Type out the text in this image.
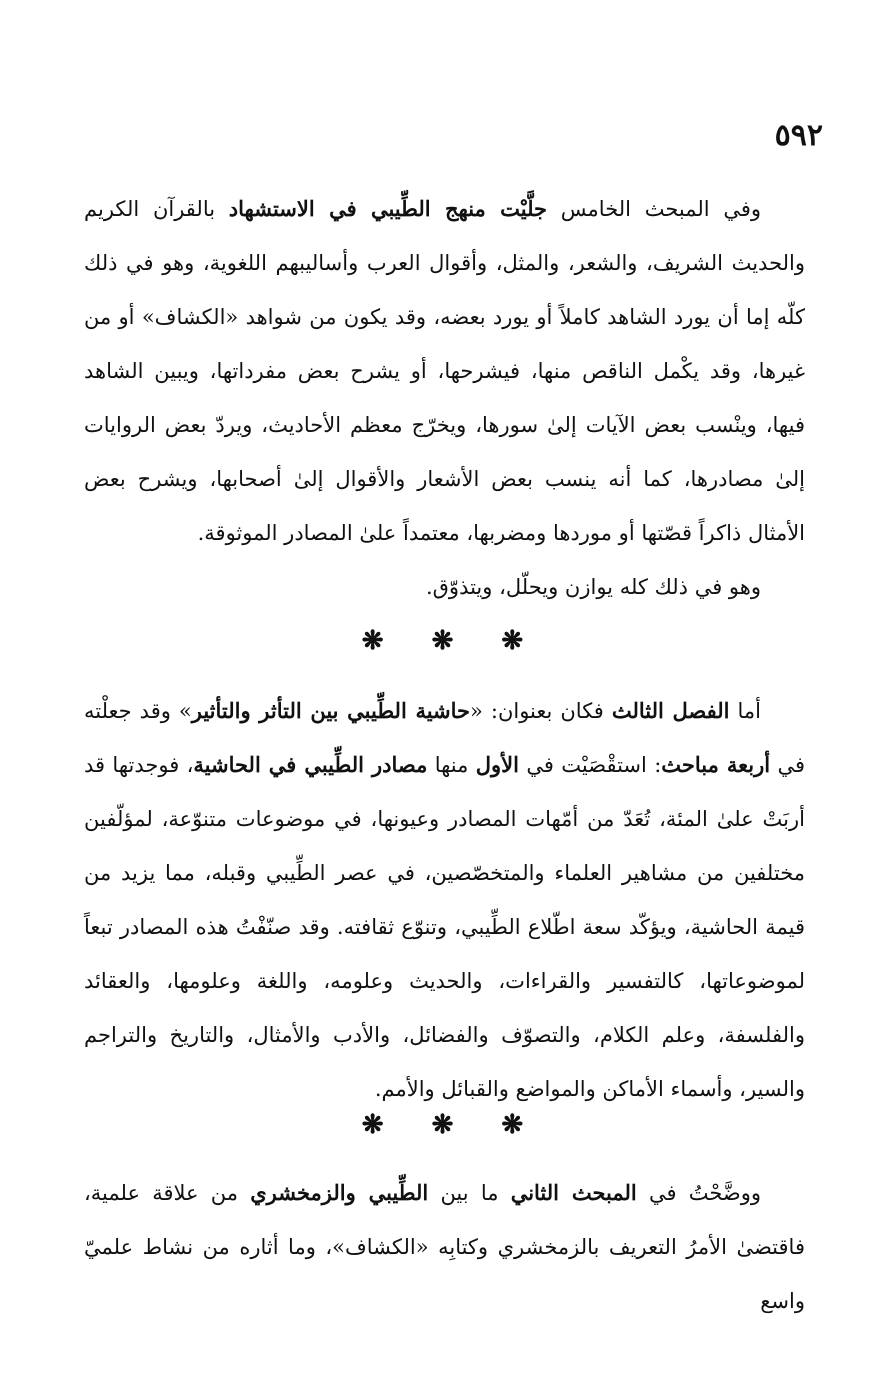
٥٩٢

وفي المبحث الخامس جلَّيْت منهج الطِّيبي في الاستشهاد بالقرآن الكريم والحديث الشريف، والشعر، والمثل، وأقوال العرب وأساليبهم اللغوية، وهو في ذلك كلّه إما أن يورد الشاهد كاملاً أو يورد بعضه، وقد يكون من شواهد «الكشاف» أو من غيرها، وقد يكْمل الناقص منها، فيشرحها، أو يشرح بعض مفرداتها، ويبين الشاهد فيها، وينْسب بعض الآيات إلىٰ سورها، ويخرّج معظم الأحاديث، ويردّ بعض الروايات إلىٰ مصادرها، كما أنه ينسب بعض الأشعار والأقوال إلىٰ أصحابها، ويشرح بعض الأمثال ذاكراً قصّتها أو موردها ومضربها، معتمداً علىٰ المصادر الموثوقة.

وهو في ذلك كله يوازن ويحلّل، ويتذوّق.

❋ ❋ ❋

أما الفصل الثالث فكان بعنوان: «حاشية الطِّيبي بين التأثر والتأثير» وقد جعلْته في أربعة مباحث: استقْصَيْت في الأول منها مصادر الطِّيبي في الحاشية، فوجدتها قد أربَتْ علىٰ المئة، تُعَدّ من أمّهات المصادر وعيونها، في موضوعات متنوّعة، لمؤلّفين مختلفين من مشاهير العلماء والمتخصّصين، في عصر الطِّيبي وقبله، مما يزيد من قيمة الحاشية، ويؤكّد سعة اطّلاع الطِّيبي، وتنوّع ثقافته. وقد صنّفْتُ هذه المصادر تبعاً لموضوعاتها، كالتفسير والقراءات، والحديث وعلومه، واللغة وعلومها، والعقائد والفلسفة، وعلم الكلام، والتصوّف والفضائل، والأدب والأمثال، والتاريخ والتراجم والسير، وأسماء الأماكن والمواضع والقبائل والأمم.

❋ ❋ ❋

ووضَّحْتُ في المبحث الثاني ما بين الطِّيبي والزمخشري من علاقة علمية، فاقتضىٰ الأمرُ التعريف بالزمخشري وكتابِه «الكشاف»، وما أثاره من نشاط علميّ واسع
